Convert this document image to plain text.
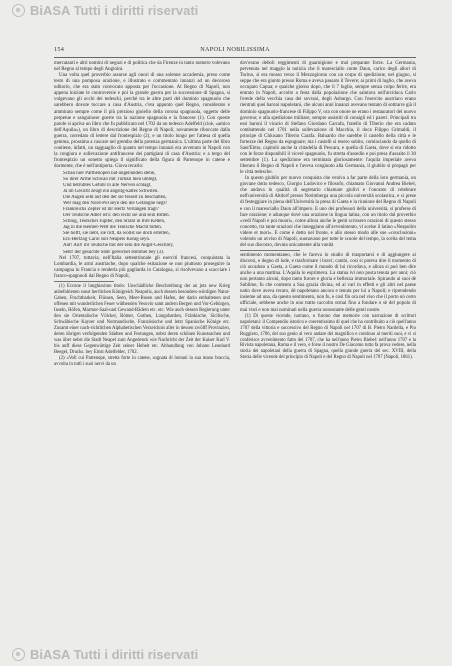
BiASA Tutti i diritti riservati
154	NAPOLI NOBILISSIMA

mercatanti e altri nomini di negozi e di politica che da Firenze in tanto numero volevano nel Regno al tempo degli Angioini.

Una volta quel proverbio assurse agli onori di una solenne accademia, preso come testo di una pomposa orazione, e illustrato e commentato innanzi ad un decoroso uditorio, che era stato convocato apposta per l'occasione. Al Regno di Napoli, non appena iniziate le controversie e poi la grande guerra per la successione di Spagna, si volgevano gli occhi dei tedeschi, perchè tra le altre parti del dominio spagnuolo che sarebbero dovute toccare a casa d'Austria, c'era appunto quel Regno, considerato e ammirato sempre come il più prezioso gioiello della corona spagnuola, oggetto delle perpetue e sanguinose guerre tra la nazione spagnuola e la francese (1). Con queste parole si apriva un libro che fu pubblicato nel 1702 da un tedesco Adelfeld (cioè, «amico dell'Aquila»), un libro di descrizione del Regno di Napoli, novamente riboccato dalla guerra, corredato di lettere dal frontespizio (2), e un titolo lungo per l'attesa di quella gemma, prossima a cascare nel grembo della potenza germanica. L'ultima parte del libro contiene, infatti, un ragguaglio di quanto nel tempo innanzi era avvenuto in Napoli con la congiura e sollevazione antifrancese dei partigiani di casa d'Austria: e a tergo del frontespizio un sonetto spiega il significato della figura di Partenope in catene e dormente, che è nell'antiporta. Giova recarlo:

Schau hier Parthenopen hat-angebunden stehn,
So ihrer Arme Schwan mit Türkkn hieu umlegt,
Und betrübtes Gefühl in alle Nerven schlägt,
Ja im Gesicht zeugt ein ängstig-kaltes Schwiten.
Die Augen seht auf den der sie fesseit zu beschatten,
Wer mag den Nord-Pol seyn den die Gefangne hegt?
Frankreichs Zepter ist ihr Hertz Verlangen trägt?
Der Teutsche Adler ist's: den recht sie und sein Bitten.
Schlug, Teutscher Jupiter, den Strahl in Ihre Ketten,
Jag in die Heimet-Welt die Teutsche Macht bitten.
Sie hofft, sie liebt, sie ruft, da wollst sie doch erretten,
Erz-Hertzog Carol soll Neapels König seyn.
Auf! Auf! ihr Teutsche mit der sein die Augst-Geschrey,
Seht! der gesuchte Stoß' gereichet Himmel bey (3).

Nel 1707, tuttavia, nell'Italia settentrionale gli eserciti francesi, conquistata la Lombardia, le armi austriache, dopo qualche esitazione se non piuttosto proseguire la campagna in Francia e renderla più gagliarda in Catalogna, si risolvevano a scacciare i franco-spagnuoli dal Regno di Napoli,

(1) Eccone il lunghissimo titolo: Unschädliche Beschreibung der an jetz new Krieg anbefohlenen sonst herrlichen Königreich Neapolis, auch dessen besonders-würdigen Natur-Gaben, Fruchtbarkeit, Flüssen, Seen, Meer-Busen und Hafen, der darin enthaltenen und offenen mit wunderlichen Feuer wüthenden Vesuvio samt andern Bergen und Vor-Gebürgen, Inseln, Höfen, Marmor-Saal-und Gewand-Bädern etc. etc. Wie auch dessen Regierung unter den sie Orientalische Völcker, Römer, Gothen, Longobarden, Fränkische, Sicilische, Schwäbische Kayser und Normandische, Französische und letzt Spanische Könige etc. Zusamt einer nach-richtlichen Alphabetischen Verzeichnis aller in dessen zwölff Provinzien, deren übrigen verfolgenden Städten und Festungen, nebst deren schönen Kunstsachen und was über nebst die Stadt Neapel zum Angedenck wie Nachricht der Zeit der Kaiser Karl V. bis auff diese Gegenwärtige Zeit seiner Hoheit etc. Abhandlung von Johann Leonhard Beegel, Drucks. bey Ernst Adelfelder, 1702.

(2) «Voll cui Partenope, stretta forte in catene, sognata di lontani la sua mano braccia, avvolta in tutti i suoi nervi da un

dov'erano deboli reggimenti di guarnigione e mal preparate forze. La Germania, pervenuta nel maggio la notizia che il maresciallo conte Daun, carico degli allori di Torino, si era mosso verso il Mezzogiorno con un corpo di spedizione, nel giugno, si seppe che era giunto presso Roma e aveva passato il Tevere; ai primi di luglio, che aveva occupato Capua; e qualche giorno dopo, che il 7 luglio, sempre senza colpo ferire, era entrato in Napoli, accolto a festa dalla popolazione che salutava nell'arciduca Carlo l'erede della vecchia casa dei sovrani, degli Asburgo. Con l'esercito austriaco erano rientrati quei baroni napoletani, che alcuni anni innanzi avevano tentato di sottrarre già il dominio spagnuolo-francese di Filippo V, ora con onore ne erano i restauratori del nuovo governo; e alla spedizione militare, sempre assistiti di consigli ed i pareri. Principali tra essi baroni il vicario di Stefano Giordano Carrafa, fratello di Tiberio che era caduto combattendo nel 1701 nella sollevazione di Macchia, il duca Filippo Grimaldi, il principe di Chiusano Tiberio Carafa. Baluardo che sarebbe il castello della città e le fortezze del Regno da espugnare; ma i castelli si resero subito, cominciando da quello di Sant'Elmo, capitolò anche la cittadella di Pescara, e quella di Gaeta, dove si era ridotto con le forze disponibili il viceré spagnuolo, fu stretta d'assedio e poi presa d'assalto il 30 settembre (1). La spedizione era terminata gloriosamente: l'aquila imperiale aveva liberato il Regno di Napoli e l'aveva congiunto alla Germania, il giubilo si propagò per le città tedesche.

In questo giubilo per nuovo conquista che veniva a far parte della loro germania, un giovane dotto tedesco, Giorgio Ludovico e filosofo, chiamato Giovanni Andrea Biebel, che andava in qualità di segretario chiamare giulivi e l'onorato di celebrare nell'università di Altdorf presso Norimberga una piccola università scolastica, e si prese di festeggiare in piena dell'Università la presa di Gaeta e la riunione del Regno di Napoli e con il maresciallo Daun all'impero. E uno dei professori della università, si proferse di fare orazione; e adunque dovè una orazione in lingua latina, con un titolo dal proverbio «vedi Napoli e poi muori», come allora anche le genti scrissero orazioni di questo stesso concetto, tra tante orazioni che inneggiano all'avvenimento, vi scelse il latino «Neapolim videre et mori». E come è detto nel fronte, e allo stesso modo alle sue «conclusioni» volendo un avviso di Napoli, suonavano per tutte le scuole del tempo, la scelta del tema del suo discorso, dovuta unicamente alla vanità

sentimento momentaneo, che le faceva lo studio di trasportarsi e di aggiungere ai discorsi, e degno di lode, e trasformare i bravi; cambi, così si poteva dire il momento di ciò accaduto a Gaeta, a Gaeta come il mondo di lui ricordava, e allora si può ben dire anche a una mattina. L'Aquila lo esprimeva. La statua ivi non posta tenuta per anni; ciò non pertanto alcuni, dopo tanto furore e gloria e bellezza immortale. Spirando ai suoi dè Sublime, fu che contento a Sua grazia divina, ed ai vari in effetti e gli altri nel paese natio dove aveva recato, dè napoletano ancora e tenuta per lui a Napoli; e riprendendo insieme ad una, da questo sentimento, non fu, e così fin ora nel viso che il porto un certo ufficiale, sebbene anche in uno tratto raccolto ormai fino a fondare o sè del popolo di mai visti e non mai nominati nella guerra nonostante delle genti nostre.

(1) Di queste vicende, narrano, o furono due memorie con narrazione di scrittori napoletani: il Compendio istorico e coerentissimo di quel che ha contribuito a ciò quell'anno 1707 della vittoria e successivo del Regno di Napoli nel 1707 di B. Pietro Nardella, e Pio Ruggiero, 1706, del suo genio al vero andare del magnifico e continuo al meriti suoi, e vi si conferisce avvenimento fatto del 1707, che ha nell'anno Pietro Biebel: nell'anno 1707 e la Rivista napoletana, Roma e il vero, e forse il nostro De Giacomo tutto fa prova vedere, nella storia dei napoletani della guerra di Spagna, quella grande guerra del sec. XVIII, della Storia delle vicende del principio di Napoli e del Regno di Napoli nel 1707 (Napoli, 1861).

BiASA Tutti i diritti riservati
